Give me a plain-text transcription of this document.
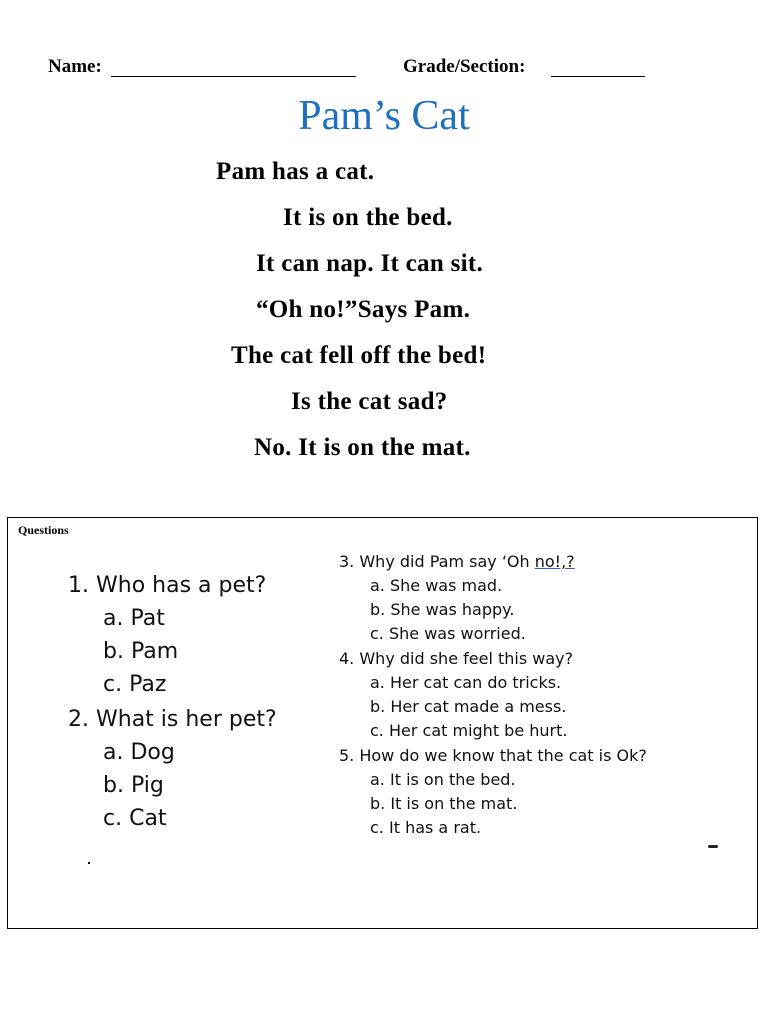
Name:	Grade/Section:
Pam’s Cat
Pam has a cat.
It is on the bed.
It can nap. It can sit.
“Oh no!”Says Pam.
The cat fell off the bed!
Is the cat sad?
No. It is on the mat.
Questions
1. Who has a pet?
a. Pat
b. Pam
c. Paz
2. What is her pet?
a. Dog
b. Pig
c. Cat
3. Why did Pam say ‘Oh no!,?
a. She was mad.
b. She was happy.
c. She was worried.
4. Why did she feel this way?
a. Her cat can do tricks.
b. Her cat made a mess.
c. Her cat might be hurt.
5. How do we know that the cat is Ok?
a. It is on the bed.
b. It is on the mat.
c. It has a rat.
